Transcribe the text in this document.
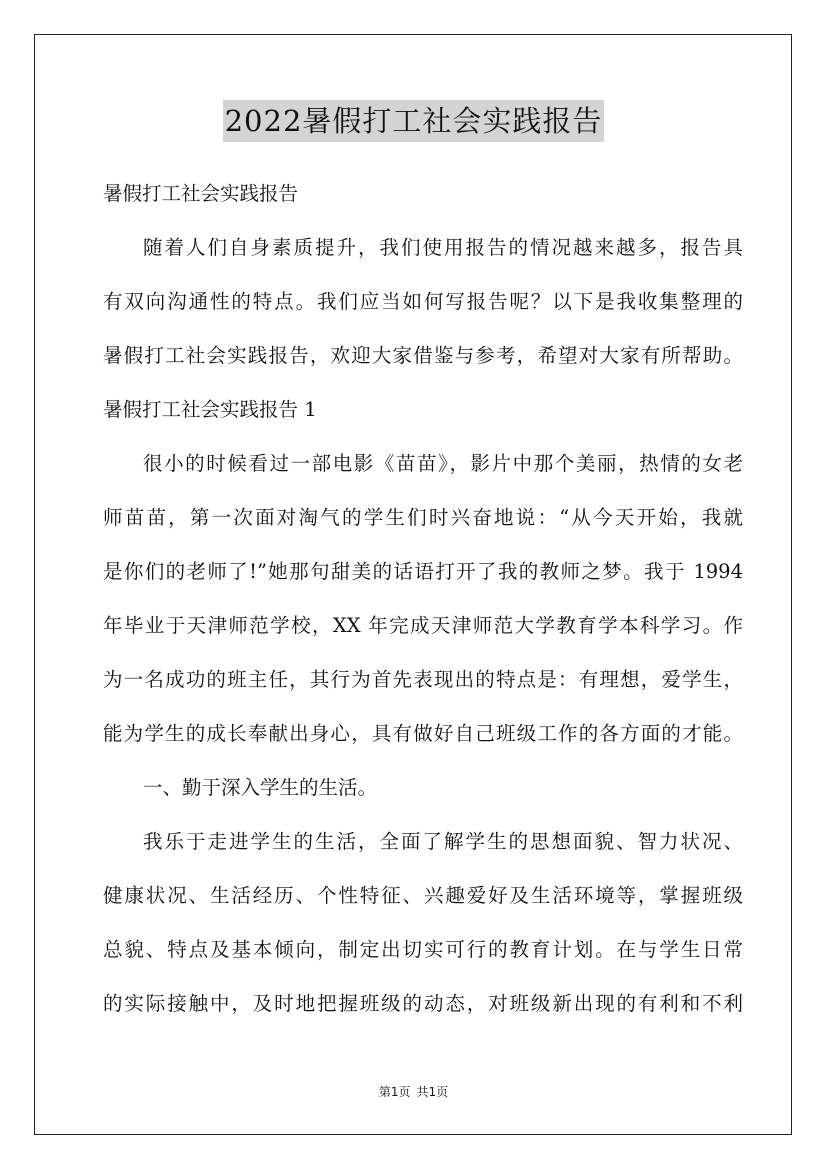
2022暑假打工社会实践报告
暑假打工社会实践报告
随着人们自身素质提升，我们使用报告的情况越来越多，报告具
有双向沟通性的特点。我们应当如何写报告呢？以下是我收集整理的
暑假打工社会实践报告，欢迎大家借鉴与参考，希望对大家有所帮助。
暑假打工社会实践报告 1
很小的时候看过一部电影《苗苗》，影片中那个美丽，热情的女老
师苗苗，第一次面对淘气的学生们时兴奋地说：“从今天开始，我就
是你们的老师了!”她那句甜美的话语打开了我的教师之梦。我于 1994
年毕业于天津师范学校，XX 年完成天津师范大学教育学本科学习。作
为一名成功的班主任，其行为首先表现出的特点是：有理想，爱学生，
能为学生的成长奉献出身心，具有做好自己班级工作的各方面的才能。
一、勤于深入学生的生活。
我乐于走进学生的生活，全面了解学生的思想面貌、智力状况、
健康状况、生活经历、个性特征、兴趣爱好及生活环境等，掌握班级
总貌、特点及基本倾向，制定出切实可行的教育计划。在与学生日常
的实际接触中，及时地把握班级的动态，对班级新出现的有利和不利
第1页 共1页
